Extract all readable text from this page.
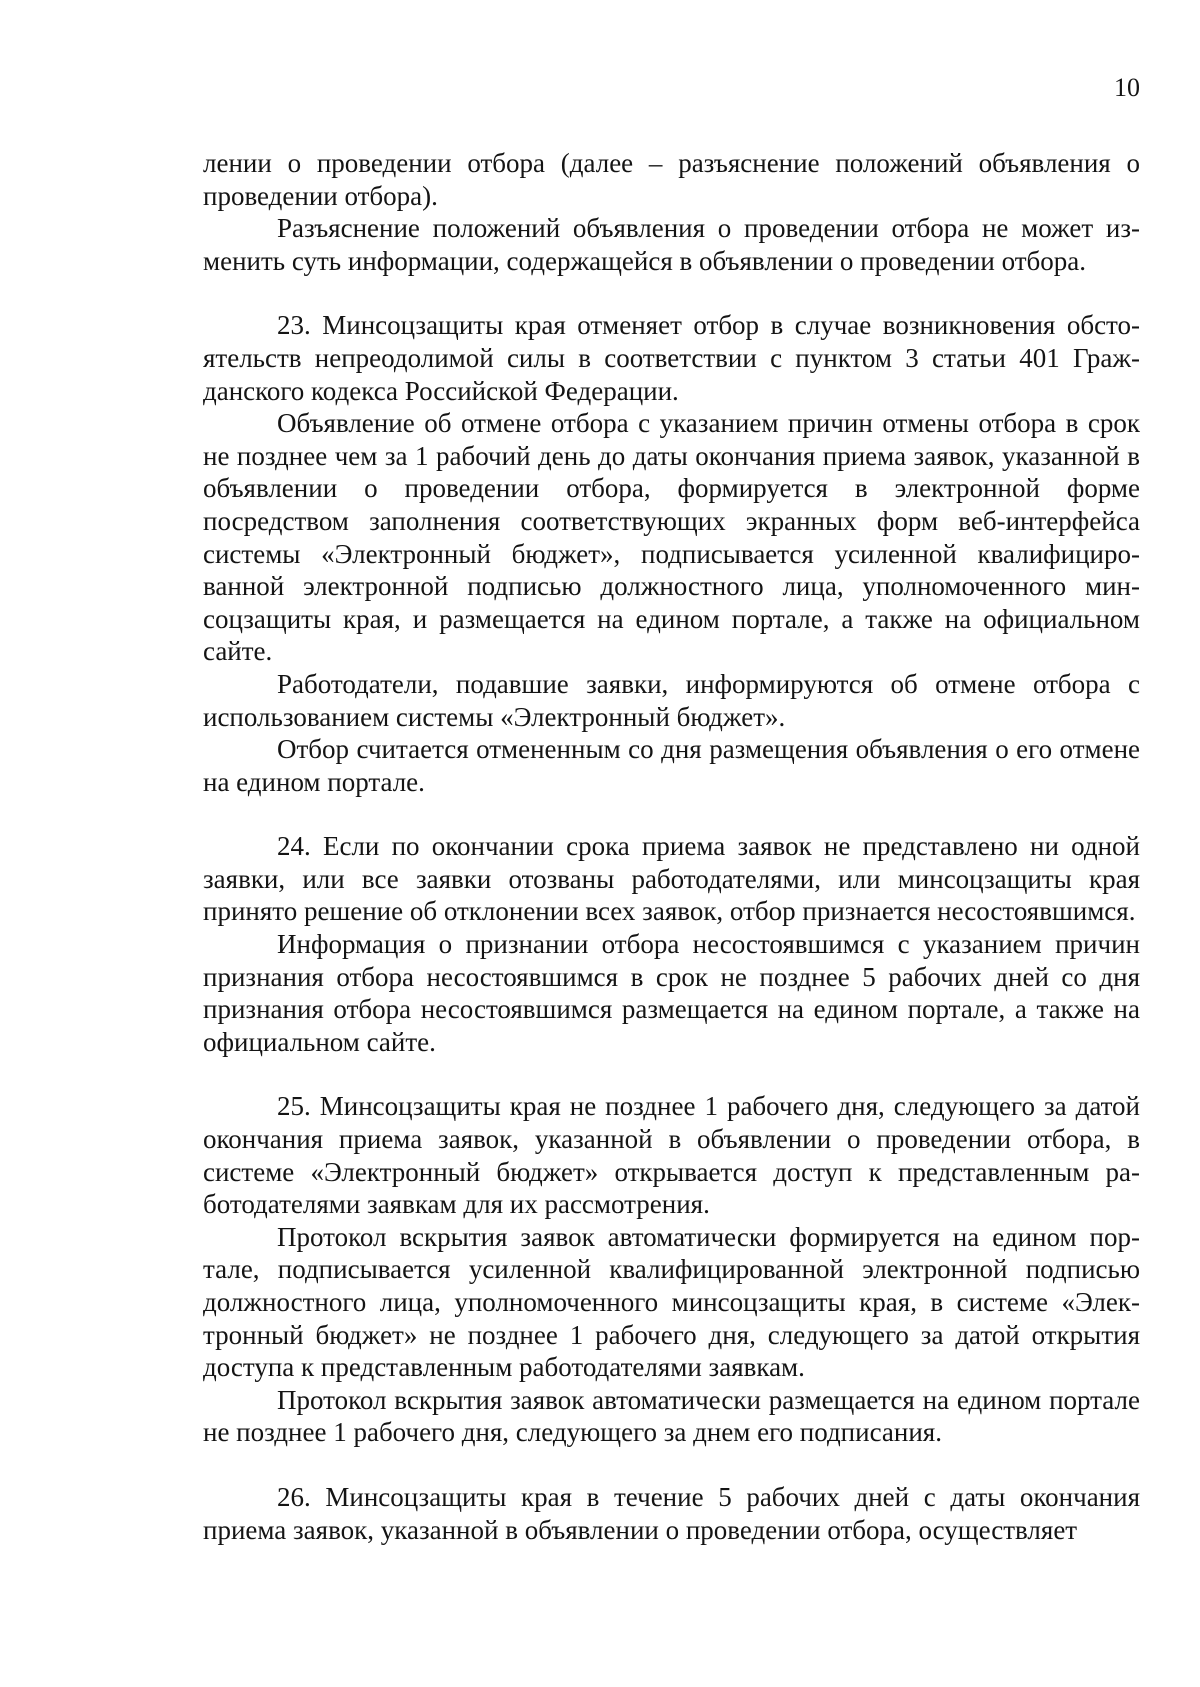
10

лении о проведении отбора (далее – разъяснение положений объявления о проведении отбора).

Разъяснение положений объявления о проведении отбора не может изменить суть информации, содержащейся в объявлении о проведении отбора.

23. Минсоцзащиты края отменяет отбор в случае возникновения обстоятельств непреодолимой силы в соответствии с пунктом 3 статьи 401 Гражданского кодекса Российской Федерации.

Объявление об отмене отбора с указанием причин отмены отбора в срок не позднее чем за 1 рабочий день до даты окончания приема заявок, указанной в объявлении о проведении отбора, формируется в электронной форме посредством заполнения соответствующих экранных форм веб-интерфейса системы «Электронный бюджет», подписывается усиленной квалифицированной электронной подписью должностного лица, уполномоченного минсоцзащиты края, и размещается на едином портале, а также на официальном сайте.

Работодатели, подавшие заявки, информируются об отмене отбора с использованием системы «Электронный бюджет».

Отбор считается отмененным со дня размещения объявления о его отмене на едином портале.

24. Если по окончании срока приема заявок не представлено ни одной заявки, или все заявки отозваны работодателями, или минсоцзащиты края принято решение об отклонении всех заявок, отбор признается несостоявшимся.

Информация о признании отбора несостоявшимся с указанием причин признания отбора несостоявшимся в срок не позднее 5 рабочих дней со дня признания отбора несостоявшимся размещается на едином портале, а также на официальном сайте.

25. Минсоцзащиты края не позднее 1 рабочего дня, следующего за датой окончания приема заявок, указанной в объявлении о проведении отбора, в системе «Электронный бюджет» открывается доступ к представленным работодателями заявкам для их рассмотрения.

Протокол вскрытия заявок автоматически формируется на едином портале, подписывается усиленной квалифицированной электронной подписью должностного лица, уполномоченного минсоцзащиты края, в системе «Электронный бюджет» не позднее 1 рабочего дня, следующего за датой открытия доступа к представленным работодателями заявкам.

Протокол вскрытия заявок автоматически размещается на едином портале не позднее 1 рабочего дня, следующего за днем его подписания.

26. Минсоцзащиты края в течение 5 рабочих дней с даты окончания приема заявок, указанной в объявлении о проведении отбора, осуществляет
